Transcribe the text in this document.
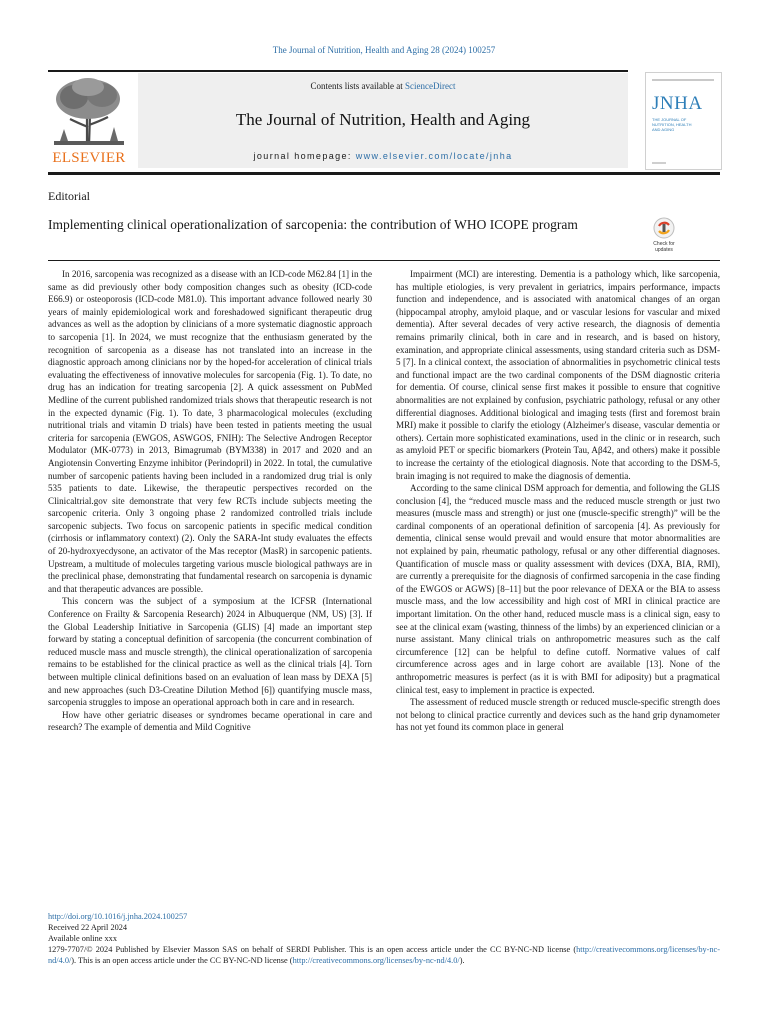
The Journal of Nutrition, Health and Aging 28 (2024) 100257
ELSEVIER
Contents lists available at ScienceDirect
The Journal of Nutrition, Health and Aging
journal homepage: www.elsevier.com/locate/jnha
JNHA
THE JOURNAL OF NUTRITION, HEALTH AND AGING
Editorial
Implementing clinical operationalization of sarcopenia: the contribution of WHO ICOPE program
Check for updates

In 2016, sarcopenia was recognized as a disease with an ICD-code M62.84 [1] in the same as did previously other body composition changes such as obesity (ICD-code E66.9) or osteoporosis (ICD-code M81.0). This important advance followed nearly 30 years of mainly epidemiological work and foreshadowed significant therapeutic drug advances as well as the adoption by clinicians of a more systematic diagnostic approach to sarcopenia [1]. In 2024, we must recognize that the enthusiasm generated by the recognition of sarcopenia as a disease has not translated into an increase in the diagnostic approach among clinicians nor by the hoped-for acceleration of clinical trials evaluating the effectiveness of innovative molecules for sarcopenia (Fig. 1). To date, no drug has an indication for treating sarcopenia [2]. A quick assessment on PubMed Medline of the current published randomized trials shows that therapeutic research is not in the expected dynamic (Fig. 1). To date, 3 pharmacological molecules (excluding nutritional trials and vitamin D trials) have been tested in patients meeting the usual criteria for sarcopenia (EWGOS, ASWGOS, FNIH): The Selective Androgen Receptor Modulator (MK-0773) in 2013, Bimagrumab (BYM338) in 2017 and 2020 and an Angiotensin Converting Enzyme inhibitor (Perindopril) in 2022. In total, the cumulative number of sarcopenic patients having been included in a randomized drug trial is only 535 patients to date. Likewise, the therapeutic perspectives recorded on the Clinicaltrial.gov site demonstrate that very few RCTs include subjects meeting the sarcopenic criteria. Only 3 ongoing phase 2 randomized controlled trials include sarcopenic subjects. Two focus on sarcopenic patients in specific medical condition (cirrhosis or inflammatory context) (2). Only the SARA-Int study evaluates the effects of 20-hydroxyecdysone, an activator of the Mas receptor (MasR) in sarcopenic patients. Upstream, a multitude of molecules targeting various muscle biological pathways are in the preclinical phase, demonstrating that fundamental research on sarcopenia is dynamic and that therapeutic advances are possible.

This concern was the subject of a symposium at the ICFSR (International Conference on Frailty & Sarcopenia Research) 2024 in Albuquerque (NM, US) [3]. If the Global Leadership Initiative in Sarcopenia (GLIS) [4] made an important step forward by stating a conceptual definition of sarcopenia (the concurrent combination of reduced muscle mass and muscle strength), the clinical operationalization of sarcopenia remains to be established for the clinical practice as well as the clinical trials [4]. Torn between multiple clinical definitions based on an evaluation of lean mass by DEXA [5] and new approaches (such D3-Creatine Dilution Method [6]) quantifying muscle mass, sarcopenia struggles to impose an operational approach both in care and in research.

How have other geriatric diseases or syndromes became operational in care and research? The example of dementia and Mild Cognitive

Impairment (MCI) are interesting. Dementia is a pathology which, like sarcopenia, has multiple etiologies, is very prevalent in geriatrics, impairs performance, impacts function and independence, and is associated with anatomical changes of an organ (hippocampal atrophy, amyloid plaque, and or vascular lesions for vascular and mixed dementia). After several decades of very active research, the diagnosis of dementia remains primarily clinical, both in care and in research, and is based on history, examination, and appropriate clinical assessments, using standard criteria such as DSM-5 [7]. In a clinical context, the association of abnormalities in psychometric clinical tests and functional impact are the two cardinal components of the DSM diagnostic criteria for dementia. Of course, clinical sense first makes it possible to ensure that cognitive abnormalities are not explained by confusion, psychiatric pathology, refusal or any other differential diagnoses. Additional biological and imaging tests (first and foremost brain MRI) make it possible to clarify the etiology (Alzheimer's disease, vascular dementia or others). Certain more sophisticated examinations, used in the clinic or in research, such as amyloid PET or specific biomarkers (Protein Tau, Aβ42, and others) make it possible to increase the certainty of the etiological diagnosis. Note that according to the DSM-5, brain imaging is not required to make the diagnosis of dementia.

According to the same clinical DSM approach for dementia, and following the GLIS conclusion [4], the “reduced muscle mass and the reduced muscle strength or just two measures (muscle mass and strength) or just one (muscle-specific strength)” will be the cardinal components of an operational definition of sarcopenia [4]. As previously for dementia, clinical sense would prevail and would ensure that motor abnormalities are not explained by pain, rheumatic pathology, refusal or any other differential diagnoses. Quantification of muscle mass or quality assessment with devices (DXA, BIA, RMI), are currently a prerequisite for the diagnosis of confirmed sarcopenia in the case finding of the EWGOS or AGWS) [8–11] but the poor relevance of DEXA or the BIA to assess muscle mass, and the low accessibility and high cost of MRI in clinical practice are important limitation. On the other hand, reduced muscle mass is a clinical sign, easy to see at the clinical exam (wasting, thinness of the limbs) by an experienced clinician or a nurse assistant. Many clinical trials on anthropometric measures such as the calf circumference [12] can be helpful to define cutoff. Normative values of calf circumference across ages and in large cohort are available [13]. None of the anthropometric measures is perfect (as it is with BMI for adiposity) but a pragmatical clinical test, easy to implement in practice is expected.

The assessment of reduced muscle strength or reduced muscle-specific strength does not belong to clinical practice currently and devices such as the hand grip dynamometer has not yet found its common place in general

http://doi.org/10.1016/j.jnha.2024.100257
Received 22 April 2024
Available online xxx
1279-7707/© 2024 Published by Elsevier Masson SAS on behalf of SERDI Publisher. This is an open access article under the CC BY-NC-ND license (http://creativecommons.org/licenses/by-nc-nd/4.0/). This is an open access article under the CC BY-NC-ND license (http://creativecommons.org/licenses/by-nc-nd/4.0/).
